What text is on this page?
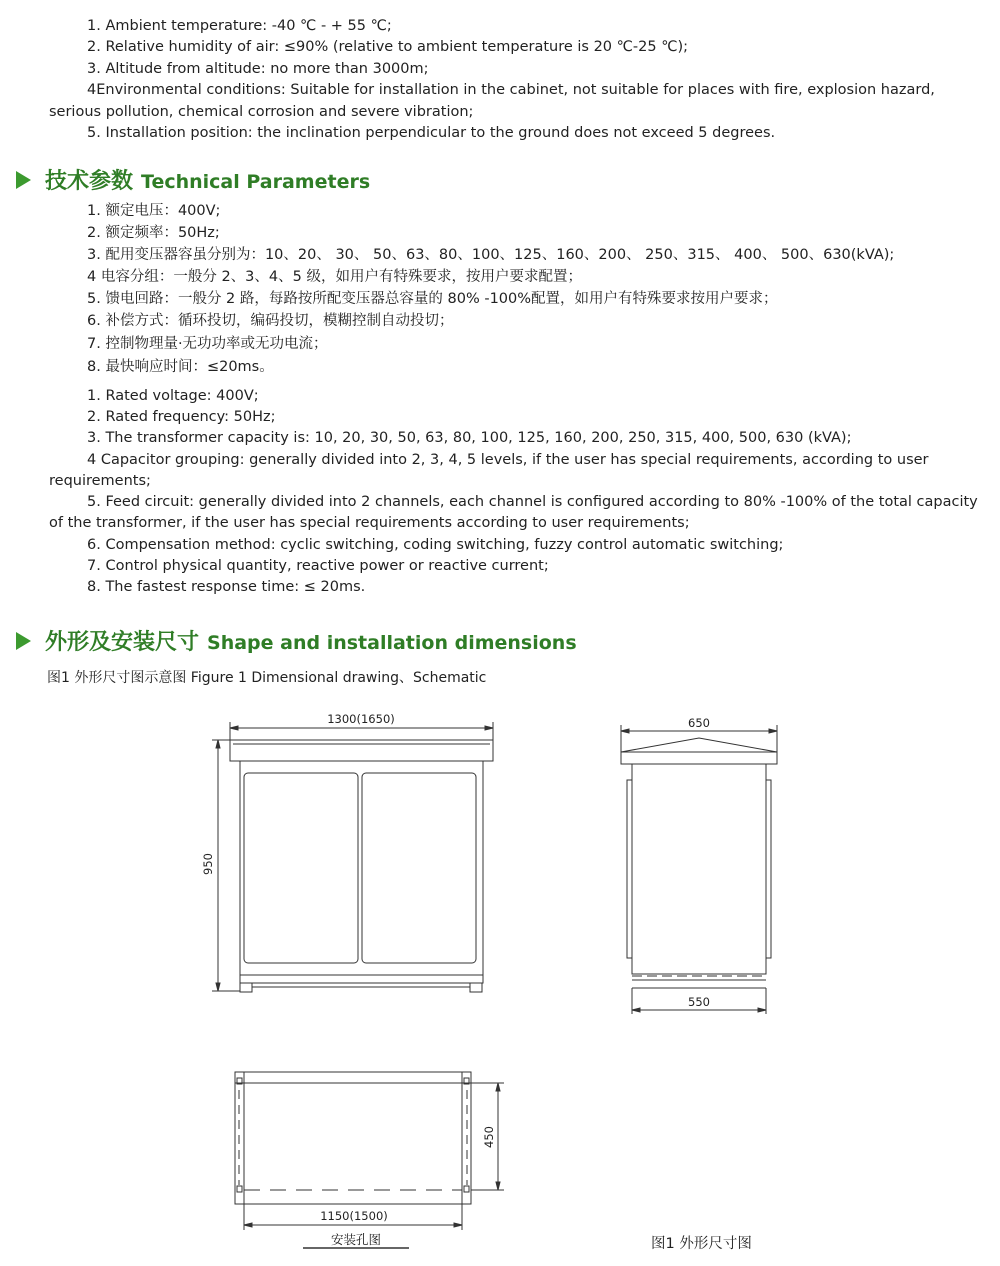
1. Ambient temperature: -40 ℃ - + 55 ℃;
2. Relative humidity of air: ≤90% (relative to ambient temperature is 20 ℃-25 ℃);
3. Altitude from altitude: no more than 3000m;
4Environmental conditions: Suitable for installation in the cabinet, not suitable for places with fire, explosion hazard,
serious pollution, chemical corrosion and severe vibration;
5. Installation position: the inclination perpendicular to the ground does not exceed 5 degrees.
技术参数 Technical Parameters
1. 额定电压：400V;
2. 额定频率：50Hz;
3. 配用变压器容虽分别为：10、20、 30、 50、63、80、100、125、160、200、 250、315、 400、 500、630(kVA);
4 电容分组：一般分 2、3、4、5 级，如用户有特殊要求，按用户要求配置；
5. 馈电回路：一般分 2 路，每路按所配变压器总容量的 80% -100%配置，如用户有特殊要求按用户要求；
6. 补偿方式：循环投切，编码投切，模糊控制自动投切；
7. 控制物理量·无功功率或无功电流；
8. 最快响应时间：≤20ms。
1. Rated voltage: 400V;
2. Rated frequency: 50Hz;
3. The transformer capacity is: 10, 20, 30, 50, 63, 80, 100, 125, 160, 200, 250, 315, 400, 500, 630 (kVA);
4 Capacitor grouping: generally divided into 2, 3, 4, 5 levels, if the user has special requirements, according to user
requirements;
5. Feed circuit: generally divided into 2 channels, each channel is configured according to 80% -100% of the total capacity
of the transformer, if the user has special requirements according to user requirements;
6. Compensation method: cyclic switching, coding switching, fuzzy control automatic switching;
7. Control physical quantity, reactive power or reactive current;
8. The fastest response time: ≤ 20ms.
外形及安装尺寸 Shape and installation dimensions
图1 外形尺寸图示意图 Figure 1 Dimensional drawing、Schematic
1300(1650)
950
650
550
450
1150(1500)
安装孔图	图1 外形尺寸图
